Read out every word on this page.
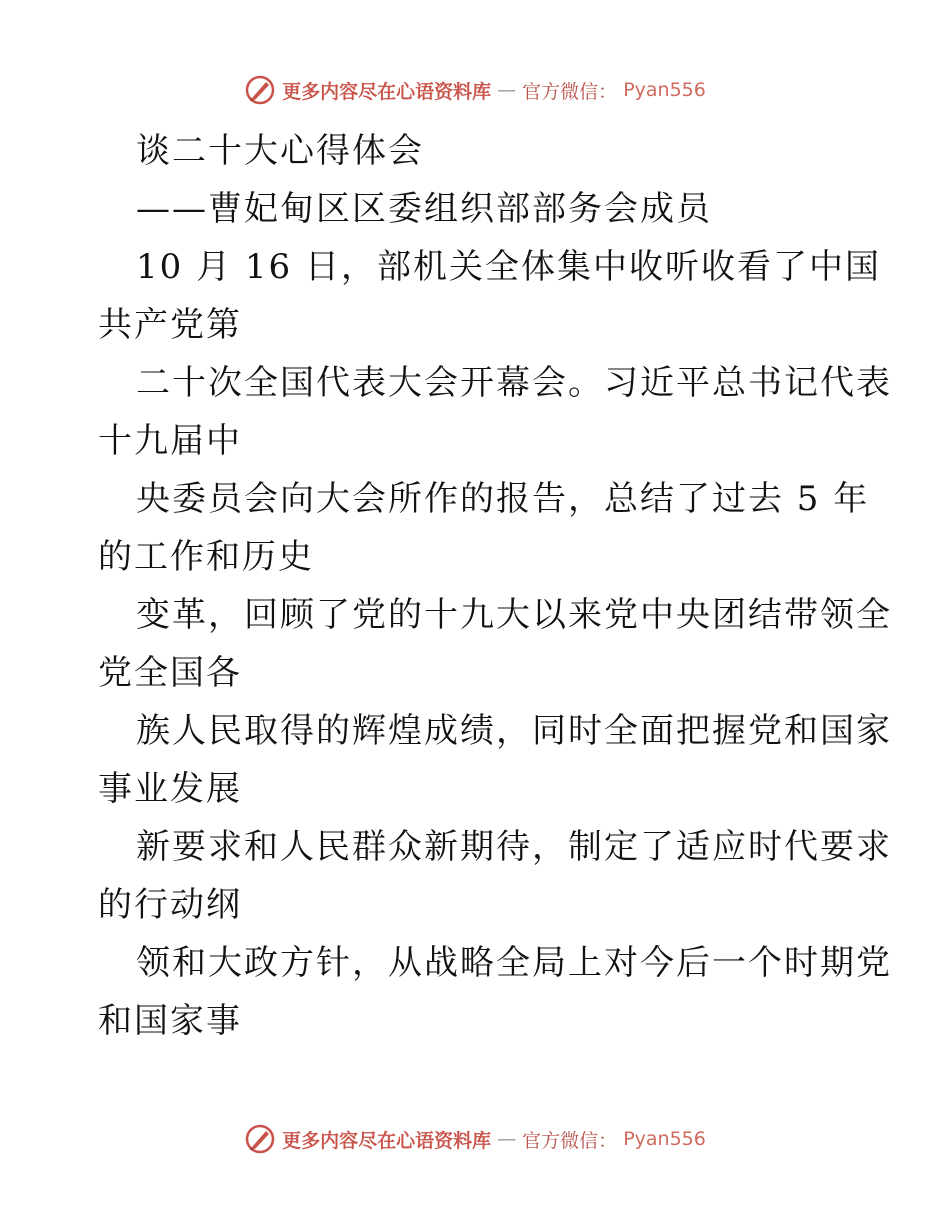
更多内容尽在心语资料库 — 官方微信： Pyan556
谈二十大心得体会
——曹妃甸区区委组织部部务会成员
10 月 16 日，部机关全体集中收听收看了中国
共产党第
二十次全国代表大会开幕会。习近平总书记代表
十九届中
央委员会向大会所作的报告，总结了过去 5 年
的工作和历史
变革，回顾了党的十九大以来党中央团结带领全
党全国各
族人民取得的辉煌成绩，同时全面把握党和国家
事业发展
新要求和人民群众新期待，制定了适应时代要求
的行动纲
领和大政方针，从战略全局上对今后一个时期党
和国家事
更多内容尽在心语资料库 — 官方微信： Pyan556
